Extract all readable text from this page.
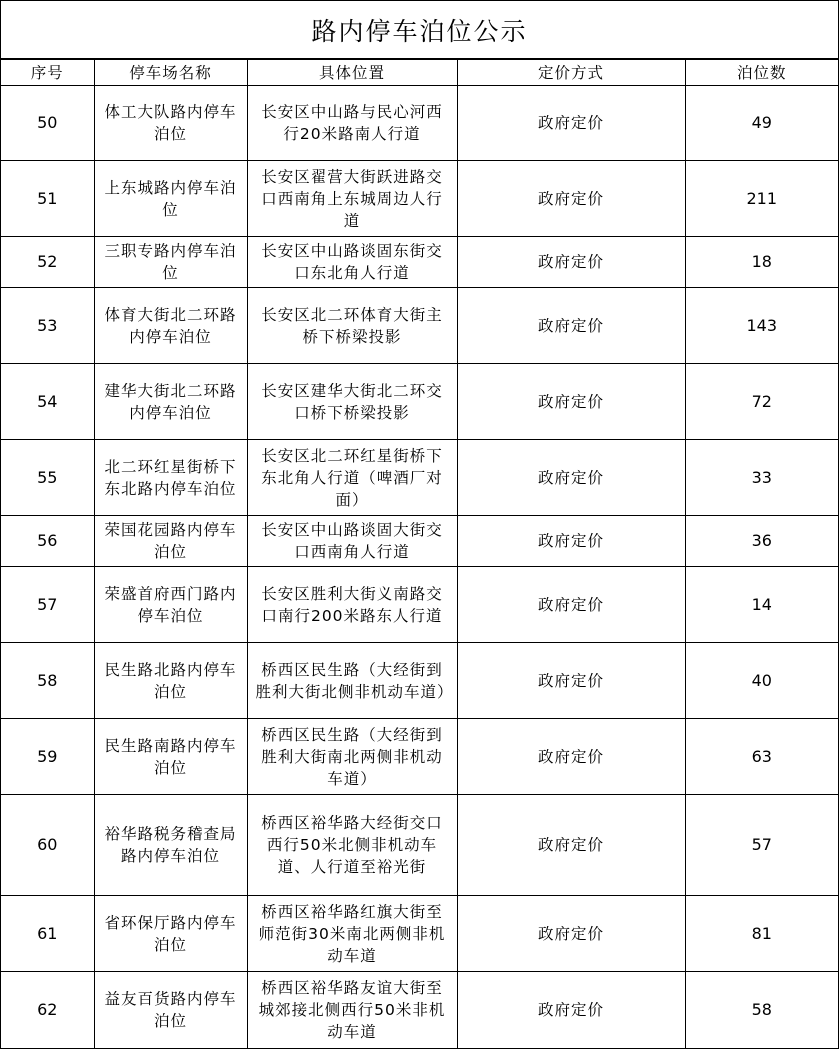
路内停车泊位公示
序号	停车场名称	具体位置	定价方式	泊位数
50	体工大队路内停车泊位	长安区中山路与民心河西行20米路南人行道	政府定价	49
51	上东城路内停车泊位	长安区翟营大街跃进路交口西南角上东城周边人行道	政府定价	211
52	三职专路内停车泊位	长安区中山路谈固东街交口东北角人行道	政府定价	18
53	体育大街北二环路内停车泊位	长安区北二环体育大街主桥下桥梁投影	政府定价	143
54	建华大街北二环路内停车泊位	长安区建华大街北二环交口桥下桥梁投影	政府定价	72
55	北二环红星街桥下东北路内停车泊位	长安区北二环红星街桥下东北角人行道（啤酒厂对面）	政府定价	33
56	荣国花园路内停车泊位	长安区中山路谈固大街交口西南角人行道	政府定价	36
57	荣盛首府西门路内停车泊位	长安区胜利大街义南路交口南行200米路东人行道	政府定价	14
58	民生路北路内停车泊位	桥西区民生路（大经街到胜利大街北侧非机动车道）	政府定价	40
59	民生路南路内停车泊位	桥西区民生路（大经街到胜利大街南北两侧非机动车道）	政府定价	63
60	裕华路税务稽查局路内停车泊位	桥西区裕华路大经街交口西行50米北侧非机动车道、人行道至裕光街	政府定价	57
61	省环保厅路内停车泊位	桥西区裕华路红旗大街至师范街30米南北两侧非机动车道	政府定价	81
62	益友百货路内停车泊位	桥西区裕华路友谊大街至城郊接北侧西行50米非机动车道	政府定价	58
